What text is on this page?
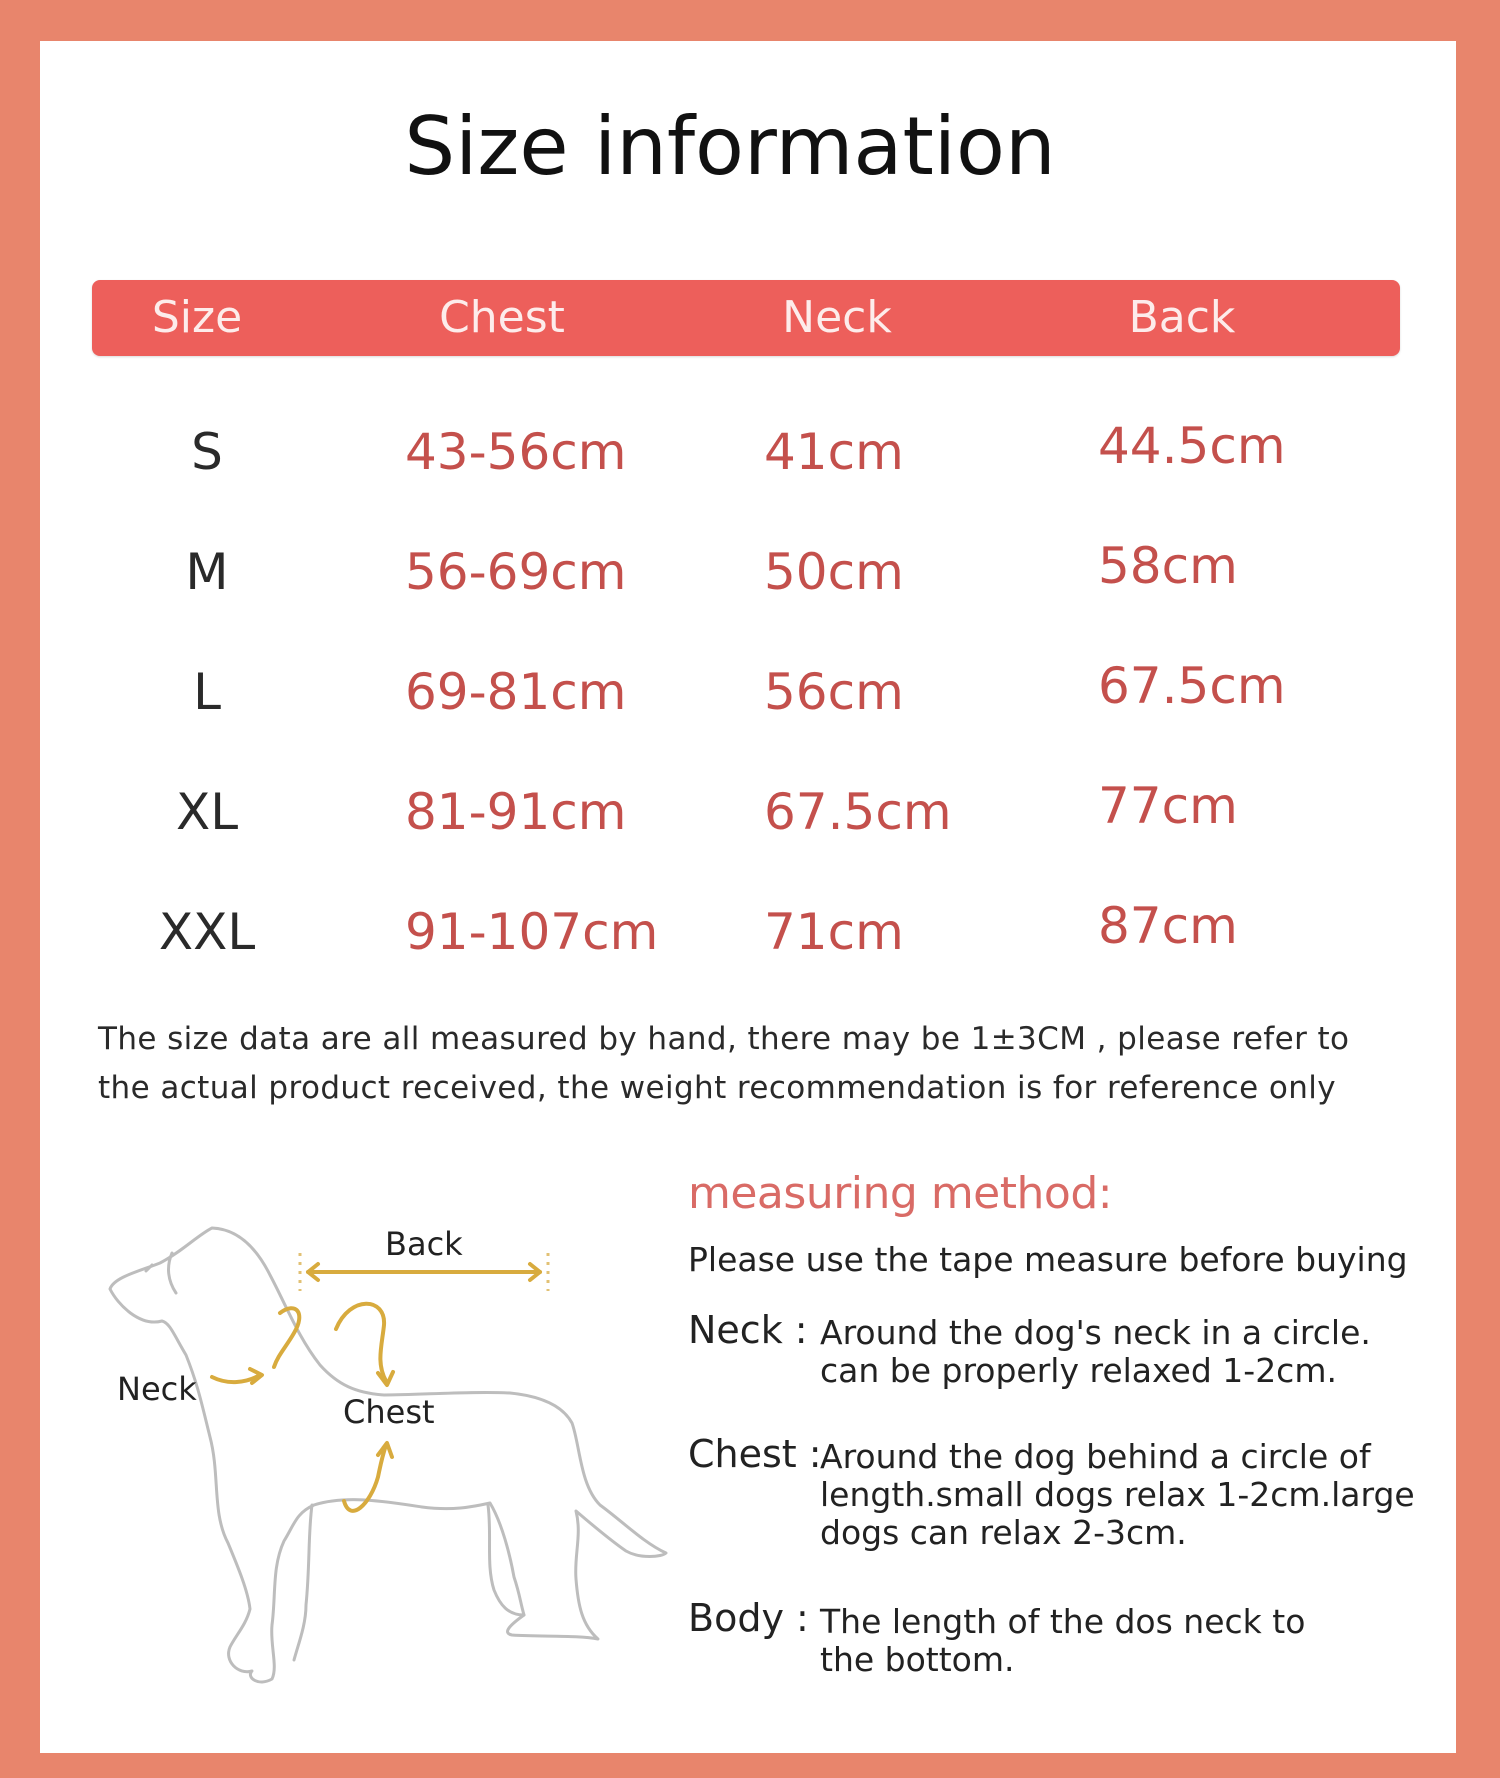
Size information
Size	Chest	Neck	Back
S	43-56cm	41cm	44.5cm
M	56-69cm	50cm	58cm
L	69-81cm	56cm	67.5cm
XL	81-91cm	67.5cm	77cm
XXL	91-107cm 71cm	87cm
The size data are all measured by hand, there may be 1±3CM , please refer to
the actual product received, the weight recommendation is for reference only
Back
Neck
Chest
measuring method:
Please use the tape measure before buying
Neck : Around the dog's neck in a circle.
can be properly relaxed 1-2cm.
Chest :
Around the dog behind a circle of
length.small dogs relax 1-2cm.large
dogs can relax 2-3cm.
Body : The length of the dos neck to
the bottom.
